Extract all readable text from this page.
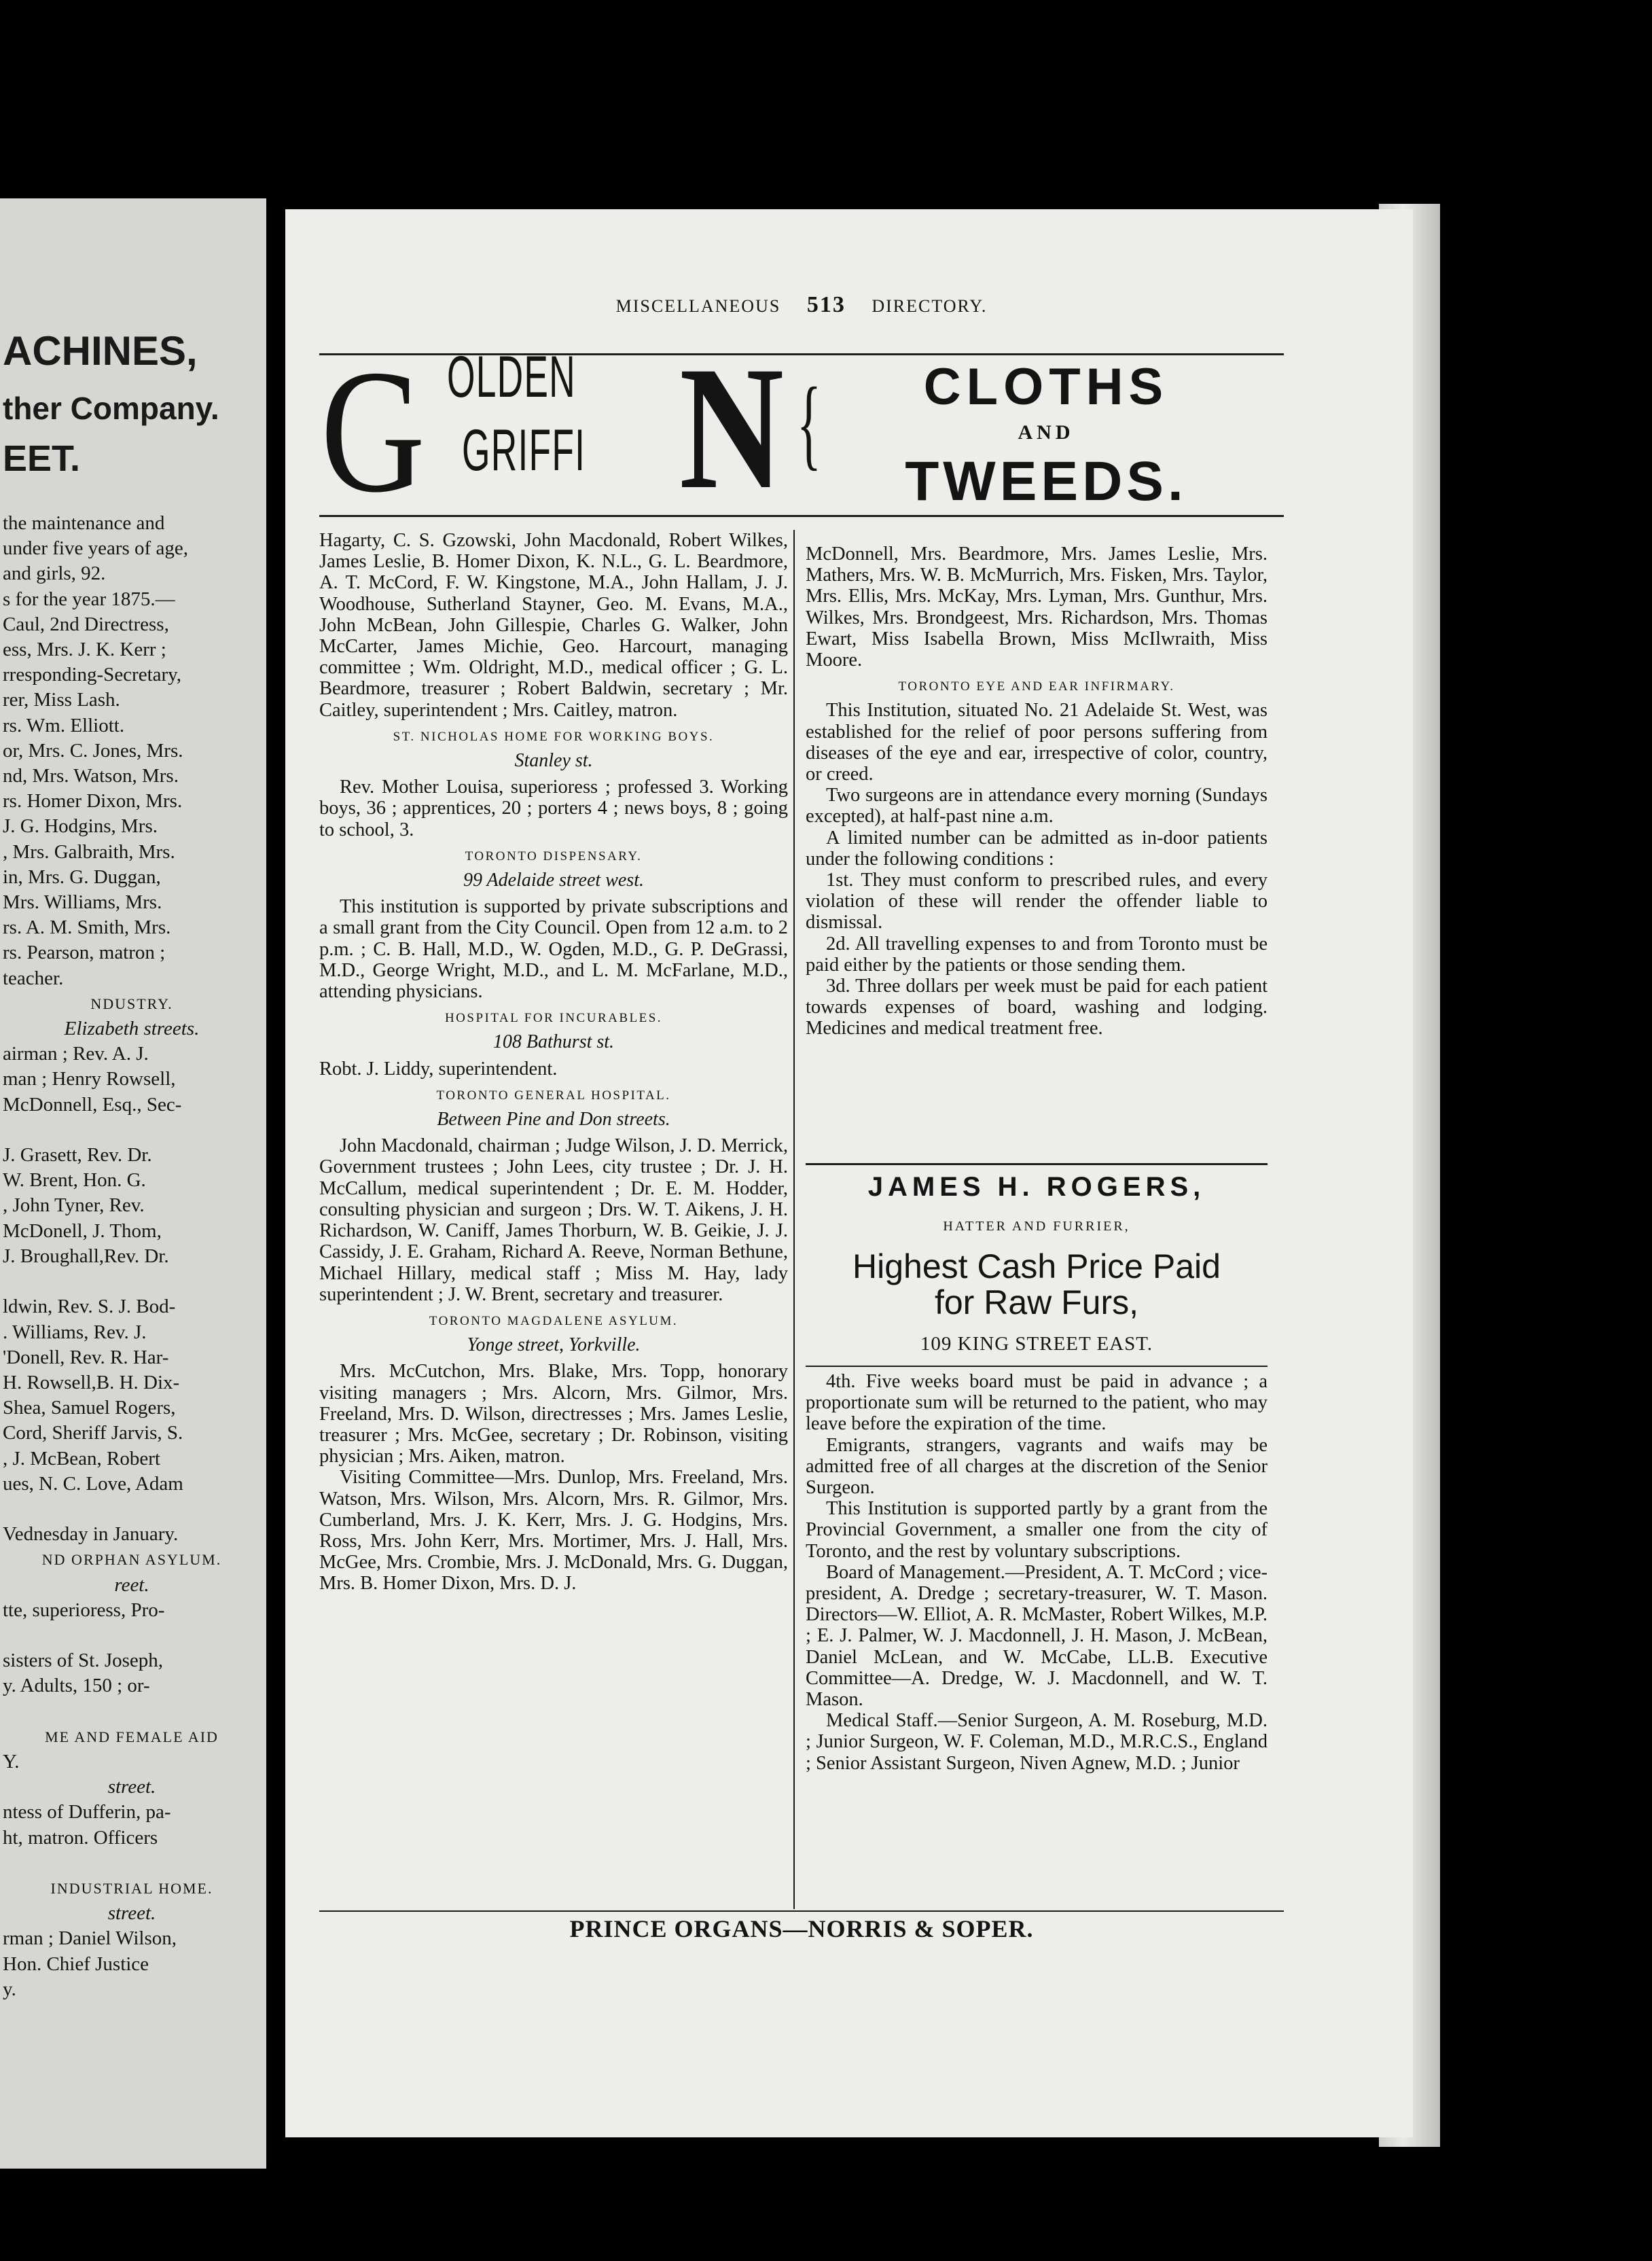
ACHINES,
ther Company.
EET.
the maintenance and
under five years of age,
and girls, 92.
s for the year 1875.—
Caul, 2nd Directress,
ess, Mrs. J. K. Kerr ;
rresponding-Secretary,
rer, Miss Lash.
rs. Wm. Elliott.
or, Mrs. C. Jones, Mrs.
nd, Mrs. Watson, Mrs.
rs. Homer Dixon, Mrs.
J. G. Hodgins, Mrs.
, Mrs. Galbraith, Mrs.
in, Mrs. G. Duggan,
Mrs. Williams, Mrs.
rs. A. M. Smith, Mrs.
rs. Pearson, matron ;
teacher.
NDUSTRY.
Elizabeth streets.
airman ; Rev. A. J.
man ; Henry Rowsell,
McDonnell, Esq., Sec-

J. Grasett, Rev. Dr.
W. Brent, Hon. G.
, John Tyner, Rev.
McDonell, J. Thom,
J. Broughall,Rev. Dr.

ldwin, Rev. S. J. Bod-
. Williams, Rev. J.
'Donell, Rev. R. Har-
H. Rowsell,B. H. Dix-
Shea, Samuel Rogers,
Cord, Sheriff Jarvis, S.
, J. McBean, Robert
ues, N. C. Love, Adam

Vednesday in January.
ND ORPHAN ASYLUM.
reet.
tte, superioress, Pro-

sisters of St. Joseph,
y. Adults, 150 ; or-

ME AND FEMALE AID
Y.
street.
ntess of Dufferin, pa-
ht, matron. Officers

INDUSTRIAL HOME.
street.
rman ; Daniel Wilson,
Hon. Chief Justice
y.
MISCELLANEOUS 513 DIRECTORY.
G OLDEN
GRIFFI N {	CLOTHS
AND
TWEEDS.

Hagarty, C. S. Gzowski, John Macdonald, Robert Wilkes, James Leslie, B. Homer Dixon, K. N.L., G. L. Beardmore, A. T. McCord, F. W. Kingstone, M.A., John Hallam, J. J. Woodhouse, Sutherland Stayner, Geo. M. Evans, M.A., John McBean, John Gillespie, Charles G. Walker, John McCarter, James Michie, Geo. Harcourt, managing committee ; Wm. Oldright, M.D., medical officer ; G. L. Beardmore, treasurer ; Robert Baldwin, secretary ; Mr. Caitley, superintendent ; Mrs. Caitley, matron.

ST. NICHOLAS HOME FOR WORKING BOYS.
Stanley st.

Rev. Mother Louisa, superioress ; professed 3. Working boys, 36 ; apprentices, 20 ; porters 4 ; news boys, 8 ; going to school, 3.

TORONTO DISPENSARY.
99 Adelaide street west.

This institution is supported by private subscriptions and a small grant from the City Council. Open from 12 a.m. to 2 p.m. ; C. B. Hall, M.D., W. Ogden, M.D., G. P. DeGrassi, M.D., George Wright, M.D., and L. M. McFarlane, M.D., attending physicians.

HOSPITAL FOR INCURABLES.
108 Bathurst st.

Robt. J. Liddy, superintendent.

TORONTO GENERAL HOSPITAL.
Between Pine and Don streets.

John Macdonald, chairman ; Judge Wilson, J. D. Merrick, Government trustees ; John Lees, city trustee ; Dr. J. H. McCallum, medical superintendent ; Dr. E. M. Hodder, consulting physician and surgeon ; Drs. W. T. Aikens, J. H. Richardson, W. Caniff, James Thorburn, W. B. Geikie, J. J. Cassidy, J. E. Graham, Richard A. Reeve, Norman Bethune, Michael Hillary, medical staff ; Miss M. Hay, lady superintendent ; J. W. Brent, secretary and treasurer.

TORONTO MAGDALENE ASYLUM.
Yonge street, Yorkville.

Mrs. McCutchon, Mrs. Blake, Mrs. Topp, honorary visiting managers ; Mrs. Alcorn, Mrs. Gilmor, Mrs. Freeland, Mrs. D. Wilson, directresses ; Mrs. James Leslie, treasurer ; Mrs. McGee, secretary ; Dr. Robinson, visiting physician ; Mrs. Aiken, matron.

Visiting Committee—Mrs. Dunlop, Mrs. Freeland, Mrs. Watson, Mrs. Wilson, Mrs. Alcorn, Mrs. R. Gilmor, Mrs. Cumberland, Mrs. J. K. Kerr, Mrs. J. G. Hodgins, Mrs. Ross, Mrs. John Kerr, Mrs. Mortimer, Mrs. J. Hall, Mrs. McGee, Mrs. Crombie, Mrs. J. McDonald, Mrs. G. Duggan, Mrs. B. Homer Dixon, Mrs. D. J.

McDonnell, Mrs. Beardmore, Mrs. James Leslie, Mrs. Mathers, Mrs. W. B. McMurrich, Mrs. Fisken, Mrs. Taylor, Mrs. Ellis, Mrs. McKay, Mrs. Lyman, Mrs. Gunthur, Mrs. Wilkes, Mrs. Brondgeest, Mrs. Richardson, Mrs. Thomas Ewart, Miss Isabella Brown, Miss McIlwraith, Miss Moore.

TORONTO EYE AND EAR INFIRMARY.

This Institution, situated No. 21 Adelaide St. West, was established for the relief of poor persons suffering from diseases of the eye and ear, irrespective of color, country, or creed.

Two surgeons are in attendance every morning (Sundays excepted), at half-past nine a.m.

A limited number can be admitted as in-door patients under the following conditions :

1st. They must conform to prescribed rules, and every violation of these will render the offender liable to dismissal.

2d. All travelling expenses to and from Toronto must be paid either by the patients or those sending them.

3d. Three dollars per week must be paid for each patient towards expenses of board, washing and lodging. Medicines and medical treatment free.

JAMES H. ROGERS,
HATTER AND FURRIER,
Highest Cash Price Paid
for Raw Furs,
109 KING STREET EAST.

4th. Five weeks board must be paid in advance ; a proportionate sum will be returned to the patient, who may leave before the expiration of the time.

Emigrants, strangers, vagrants and waifs may be admitted free of all charges at the discretion of the Senior Surgeon.

This Institution is supported partly by a grant from the Provincial Government, a smaller one from the city of Toronto, and the rest by voluntary subscriptions.

Board of Management.—President, A. T. McCord ; vice-president, A. Dredge ; secretary-treasurer, W. T. Mason. Directors—W. Elliot, A. R. McMaster, Robert Wilkes, M.P. ; E. J. Palmer, W. J. Macdonnell, J. H. Mason, J. McBean, Daniel McLean, and W. McCabe, LL.B. Executive Committee—A. Dredge, W. J. Macdonnell, and W. T. Mason.

Medical Staff.—Senior Surgeon, A. M. Roseburg, M.D. ; Junior Surgeon, W. F. Coleman, M.D., M.R.C.S., England ; Senior Assistant Surgeon, Niven Agnew, M.D. ; Junior

PRINCE ORGANS—NORRIS & SOPER.
